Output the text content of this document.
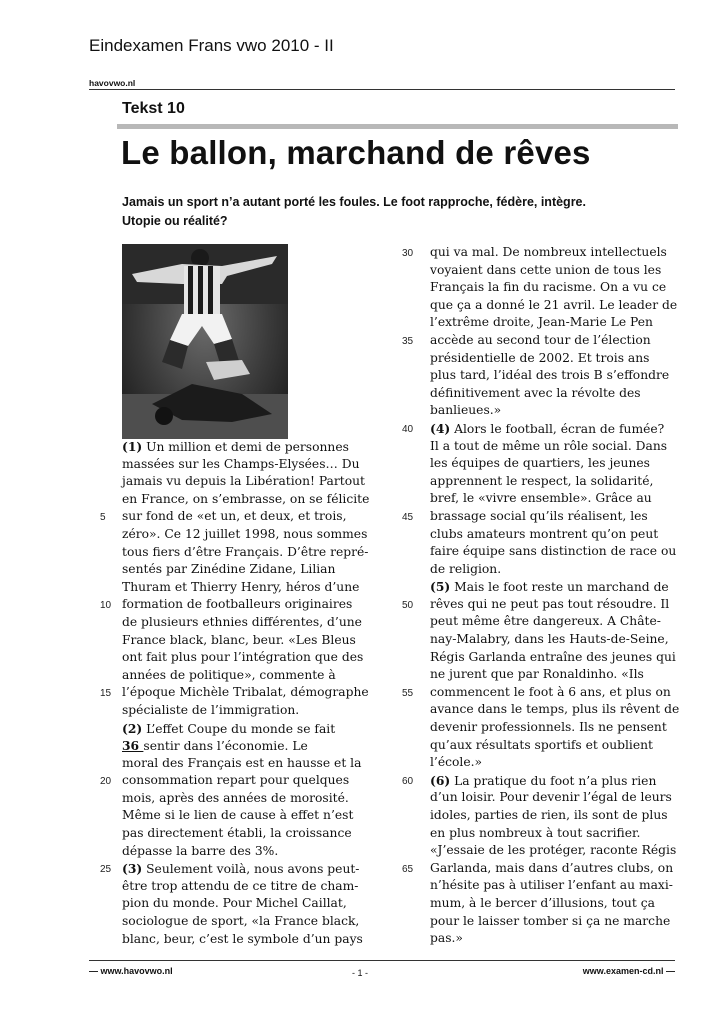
Eindexamen Frans vwo 2010 - II
havovwo.nl
Tekst 10
Le ballon, marchand de rêves
Jamais un sport n’a autant porté les foules. Le foot rapproche, fédère, intègre.
Utopie ou réalité?
(1) Un million et demi de personnes
massées sur les Champs-Elysées… Du
jamais vu depuis la Libération! Partout
en France, on s’embrasse, on se félicite
sur fond de «et un, et deux, et trois,
zéro». Ce 12 juillet 1998, nous sommes
tous fiers d’être Français. D’être repré-
sentés par Zinédine Zidane, Lilian
Thuram et Thierry Henry, héros d’une
formation de footballeurs originaires
de plusieurs ethnies différentes, d’une
France black, blanc, beur. «Les Bleus
ont fait plus pour l’intégration que des
années de politique», commente à
l’époque Michèle Tribalat, démographe
spécialiste de l’immigration.
(2) L’effet Coupe du monde se fait
36 sentir dans l’économie. Le
moral des Français est en hausse et la
consommation repart pour quelques
mois, après des années de morosité.
Même si le lien de cause à effet n’est
pas directement établi, la croissance
dépasse la barre des 3%.
(3) Seulement voilà, nous avons peut-
être trop attendu de ce titre de cham-
pion du monde. Pour Michel Caillat,
sociologue de sport, «la France black,
blanc, beur, c’est le symbole d’un pays
qui va mal. De nombreux intellectuels
voyaient dans cette union de tous les
Français la fin du racisme. On a vu ce
que ça a donné le 21 avril. Le leader de
l’extrême droite, Jean-Marie Le Pen
accède au second tour de l’élection
présidentielle de 2002. Et trois ans
plus tard, l’idéal des trois B s’effondre
définitivement avec la révolte des
banlieues.»
(4) Alors le football, écran de fumée?
Il a tout de même un rôle social. Dans
les équipes de quartiers, les jeunes
apprennent le respect, la solidarité,
bref, le «vivre ensemble». Grâce au
brassage social qu’ils réalisent, les
clubs amateurs montrent qu’on peut
faire équipe sans distinction de race ou
de religion.
(5) Mais le foot reste un marchand de
rêves qui ne peut pas tout résoudre. Il
peut même être dangereux. A Châte-
nay-Malabry, dans les Hauts-de-Seine,
Régis Garlanda entraîne des jeunes qui
ne jurent que par Ronaldinho. «Ils
commencent le foot à 6 ans, et plus on
avance dans le temps, plus ils rêvent de
devenir professionnels. Ils ne pensent
qu’aux résultats sportifs et oublient
l’école.»
(6) La pratique du foot n’a plus rien
d’un loisir. Pour devenir l’égal de leurs
idoles, parties de rien, ils sont de plus
en plus nombreux à tout sacrifier.
«J’essaie de les protéger, raconte Régis
Garlanda, mais dans d’autres clubs, on
n’hésite pas à utiliser l’enfant au maxi-
mum, à le bercer d’illusions, tout ça
pour le laisser tomber si ça ne marche
pas.»
— www.havovwo.nl	- 1 -	www.examen-cd.nl —
5
10
15
20
25
30
35
40
45
50
55
60
65
